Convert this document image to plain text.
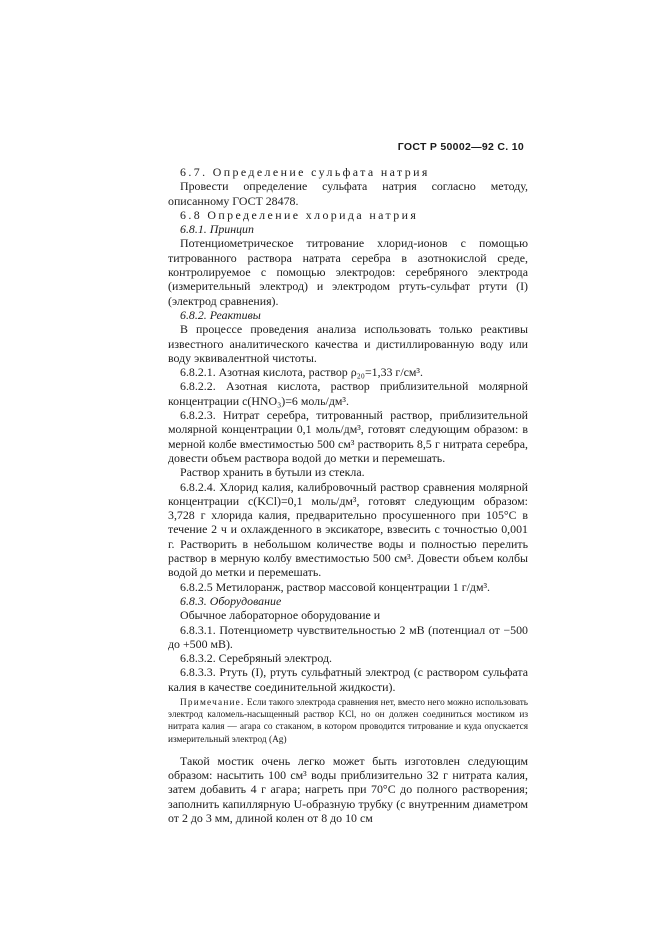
ГОСТ Р 50002—92 С. 10

6.7. Определение сульфата натрия

Провести определение сульфата натрия согласно методу, описанному ГОСТ 28478.

6.8 Определение хлорида натрия

6.8.1. Принцип

Потенциометрическое титрование хлорид-ионов с помощью титрованного раствора натрата серебра в азотнокислой среде, контролируемое с помощью электродов: серебряного электрода (измерительный электрод) и электродом ртуть-сульфат ртути (I) (электрод сравнения).

6.8.2. Реактивы

В процессе проведения анализа использовать только реактивы известного аналитического качества и дистиллированную воду или воду эквивалентной чистоты.

6.8.2.1. Азотная кислота, раствор ρ₂₀=1,33 г/см³.

6.8.2.2. Азотная кислота, раствор приблизительной молярной концентрации c(HNO₃)=6 моль/дм³.

6.8.2.3. Нитрат серебра, титрованный раствор, приблизительной молярной концентрации 0,1 моль/дм³, готовят следующим образом: в мерной колбе вместимостью 500 см³ растворить 8,5 г нитрата серебра, довести объем раствора водой до метки и перемешать.

Раствор хранить в бутыли из стекла.

6.8.2.4. Хлорид калия, калибровочный раствор сравнения молярной концентрации c(KCl)=0,1 моль/дм³, готовят следующим образом: 3,728 г хлорида калия, предварительно просушенного при 105°C в течение 2 ч и охлажденного в эксикаторе, взвесить с точностью 0,001 г. Растворить в небольшом количестве воды и полностью перелить раствор в мерную колбу вместимостью 500 см³. Довести объем колбы водой до метки и перемешать.

6.8.2.5 Метилоранж, раствор массовой концентрации 1 г/дм³.

6.8.3. Оборудование

Обычное лабораторное оборудование и

6.8.3.1. Потенциометр чувствительностью 2 мВ (потенциал от −500 до +500 мВ).

6.8.3.2. Серебряный электрод.

6.8.3.3. Ртуть (I), ртуть сульфатный электрод (с раствором сульфата калия в качестве соединительной жидкости).

Примечание. Если такого электрода сравнения нет, вместо него можно использовать электрод каломель-насыщенный раствор KCl, но он должен соединиться мостиком из нитрата калия — агара со стаканом, в котором проводится титрование и куда опускается измерительный электрод (Ag)

Такой мостик очень легко может быть изготовлен следующим образом: насытить 100 см³ воды приблизительно 32 г нитрата калия, затем добавить 4 г агара; нагреть при 70°C до полного растворения; заполнить капиллярную U-образную трубку (с внутренним диаметром от 2 до 3 мм, длиной колен от 8 до 10 см
